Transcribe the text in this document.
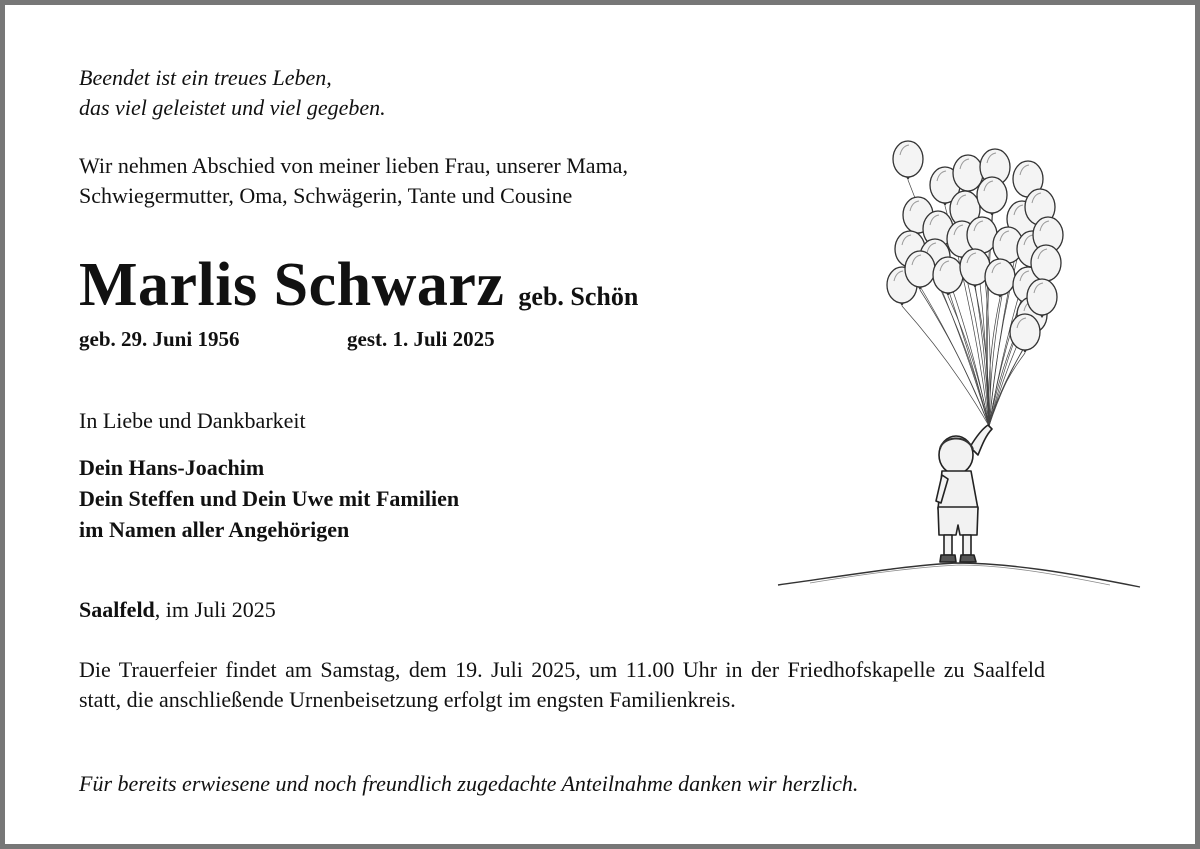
Beendet ist ein treues Leben,
das viel geleistet und viel gegeben.
Wir nehmen Abschied von meiner lieben Frau, unserer Mama,
Schwiegermutter, Oma, Schwägerin, Tante und Cousine
Marlis Schwarz geb. Schön
geb. 29. Juni 1956	gest. 1. Juli 2025
In Liebe und Dankbarkeit
Dein Hans-Joachim
Dein Steffen und Dein Uwe mit Familien
im Namen aller Angehörigen
Saalfeld, im Juli 2025
Die Trauerfeier findet am Samstag, dem 19. Juli 2025, um 11.00 Uhr in der Friedhofskapelle zu Saalfeld statt, die anschließende Urnenbeisetzung erfolgt im engsten Familienkreis.
Für bereits erwiesene und noch freundlich zugedachte Anteilnahme danken wir herzlich.
